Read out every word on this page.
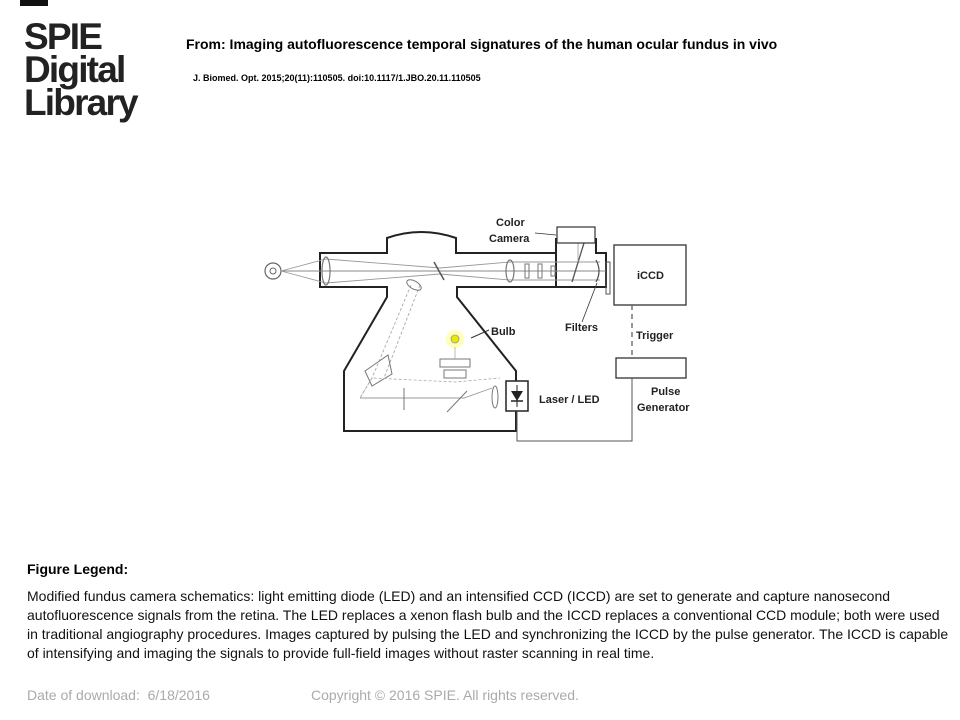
SPIE
Digital
Library
From: Imaging autofluorescence temporal signatures of the human ocular fundus in vivo
J. Biomed. Opt. 2015;20(11):110505. doi:10.1117/1.JBO.20.11.110505
Color
Camera
iCCD
Filters
Trigger
Bulb
Laser / LED
Pulse
Generator
Figure Legend:
Modified fundus camera schematics: light emitting diode (LED) and an intensified CCD (ICCD) are set to generate and capture nanosecond autofluorescence signals from the retina. The LED replaces a xenon flash bulb and the ICCD replaces a conventional CCD module; both were used in traditional angiography procedures. Images captured by pulsing the LED and synchronizing the ICCD by the pulse generator. The ICCD is capable of intensifying and imaging the signals to provide full-field images without raster scanning in real time.
Date of download:  6/18/2016	Copyright © 2016 SPIE. All rights reserved.
